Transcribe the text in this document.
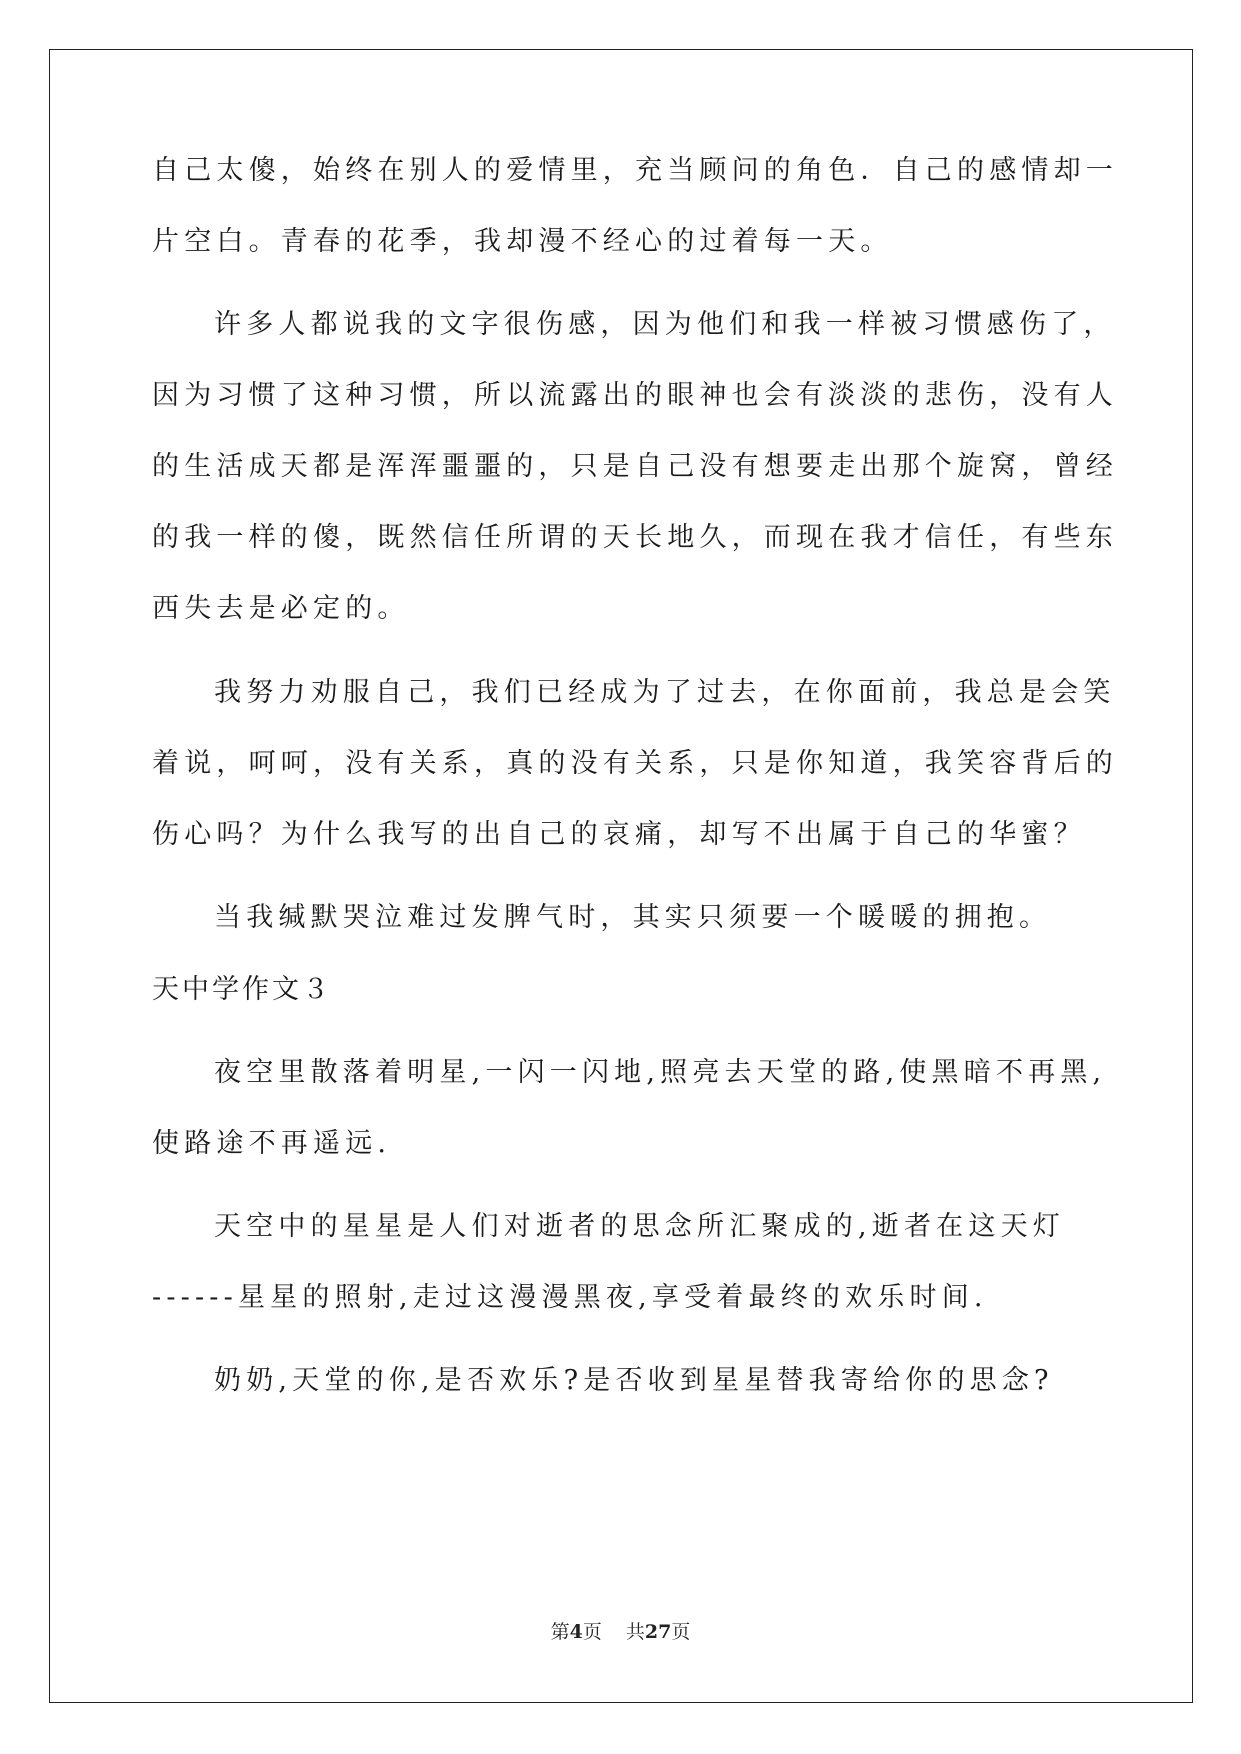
自己太傻，始终在别人的爱情里，充当顾问的角色．自己的感情却一
片空白。青春的花季，我却漫不经心的过着每一天。
许多人都说我的文字很伤感，因为他们和我一样被习惯感伤了，
因为习惯了这种习惯，所以流露出的眼神也会有淡淡的悲伤，没有人
的生活成天都是浑浑噩噩的，只是自己没有想要走出那个旋窝，曾经
的我一样的傻，既然信任所谓的天长地久，而现在我才信任，有些东
西失去是必定的。
我努力劝服自己，我们已经成为了过去，在你面前，我总是会笑
着说，呵呵，没有关系，真的没有关系，只是你知道，我笑容背后的
伤心吗？为什么我写的出自己的哀痛，却写不出属于自己的华蜜？
当我缄默哭泣难过发脾气时，其实只须要一个暖暖的拥抱。
天中学作文３
夜空里散落着明星,一闪一闪地,照亮去天堂的路,使黑暗不再黑,
使路途不再遥远.
天空中的星星是人们对逝者的思念所汇聚成的,逝者在这天灯
------星星的照射,走过这漫漫黑夜,享受着最终的欢乐时间.
奶奶,天堂的你,是否欢乐?是否收到星星替我寄给你的思念?
第4页 共27页
